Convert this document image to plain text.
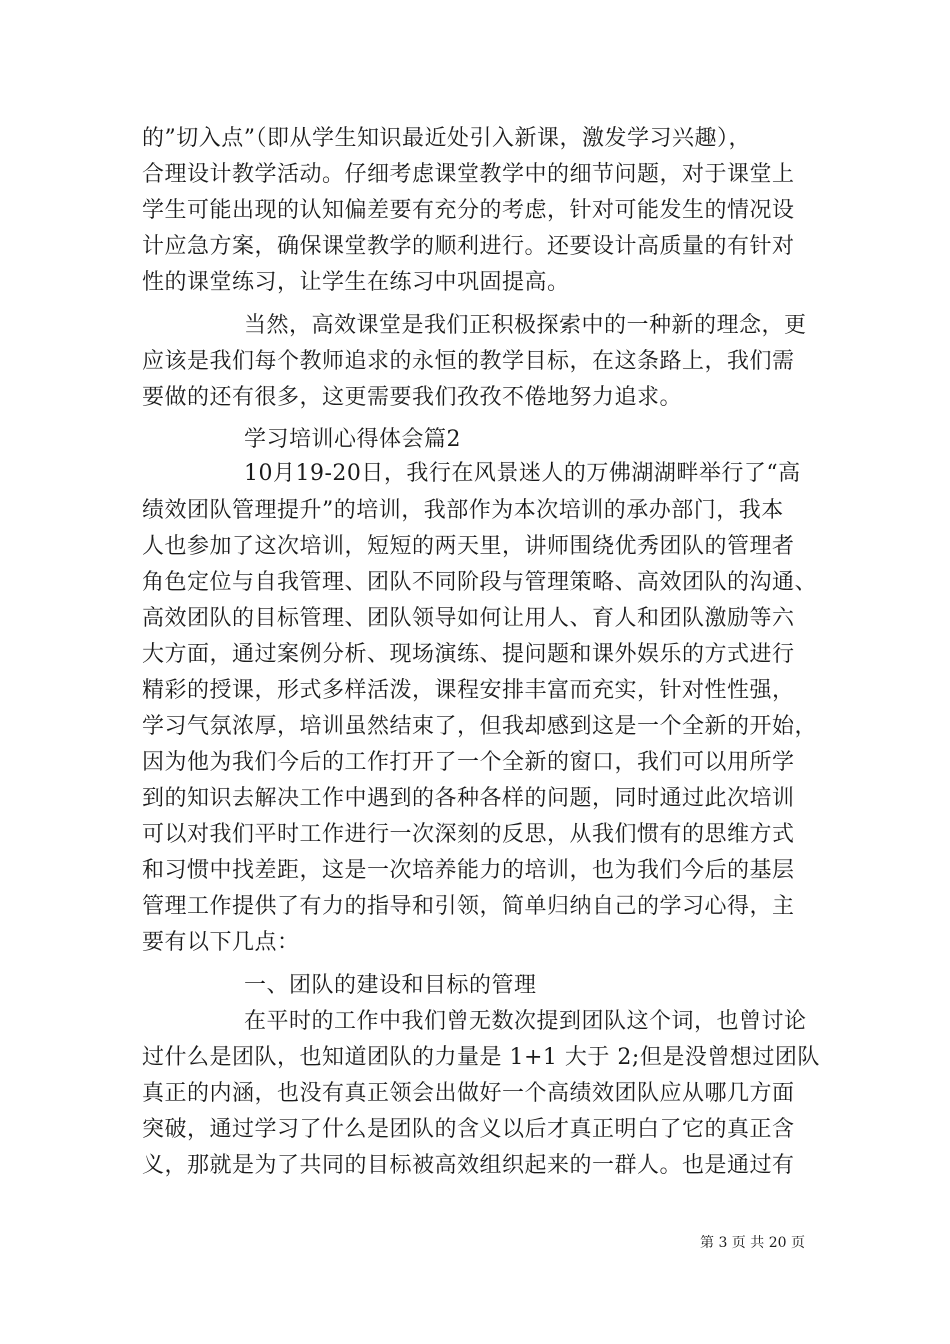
的”切入点”（即从学生知识最近处引入新课，激发学习兴趣），
合理设计教学活动。仔细考虑课堂教学中的细节问题，对于课堂上
学生可能出现的认知偏差要有充分的考虑，针对可能发生的情况设
计应急方案，确保课堂教学的顺利进行。还要设计高质量的有针对
性的课堂练习，让学生在练习中巩固提高。
当然，高效课堂是我们正积极探索中的一种新的理念，更
应该是我们每个教师追求的永恒的教学目标，在这条路上，我们需
要做的还有很多，这更需要我们孜孜不倦地努力追求。
学习培训心得体会篇2
10月19-20日，我行在风景迷人的万佛湖湖畔举行了“高
绩效团队管理提升”的培训，我部作为本次培训的承办部门，我本
人也参加了这次培训，短短的两天里，讲师围绕优秀团队的管理者
角色定位与自我管理、团队不同阶段与管理策略、高效团队的沟通、
高效团队的目标管理、团队领导如何让用人、育人和团队激励等六
大方面，通过案例分析、现场演练、提问题和课外娱乐的方式进行
精彩的授课，形式多样活泼，课程安排丰富而充实，针对性性强，
学习气氛浓厚，培训虽然结束了，但我却感到这是一个全新的开始，
因为他为我们今后的工作打开了一个全新的窗口，我们可以用所学
到的知识去解决工作中遇到的各种各样的问题，同时通过此次培训
可以对我们平时工作进行一次深刻的反思，从我们惯有的思维方式
和习惯中找差距，这是一次培养能力的培训，也为我们今后的基层
管理工作提供了有力的指导和引领，简单归纳自己的学习心得，主
要有以下几点：
一、团队的建设和目标的管理
在平时的工作中我们曾无数次提到团队这个词，也曾讨论
过什么是团队，也知道团队的力量是 1+1 大于 2;但是没曾想过团队
真正的内涵，也没有真正领会出做好一个高绩效团队应从哪几方面
突破，通过学习了什么是团队的含义以后才真正明白了它的真正含
义，那就是为了共同的目标被高效组织起来的一群人。也是通过有
第 3 页 共 20 页
